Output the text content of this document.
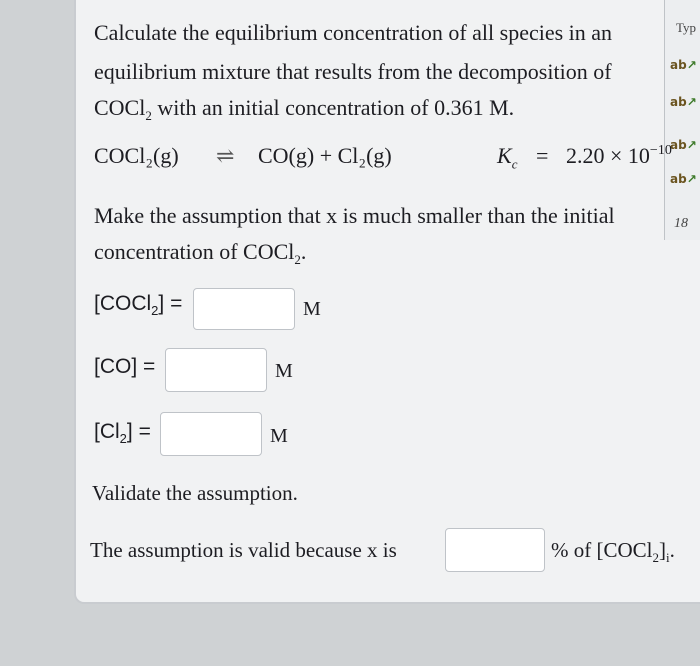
Typ
ab↗
ab↗
ab↗
ab↗
18
Calculate the equilibrium concentration of all species in an
equilibrium mixture that results from the decomposition of
COCl$_2$ with an initial concentration of 0.361 M.
COCl₂(g) ⇌ CO(g) + Cl₂(g)	$K_c = 2.20 \times 10^{-10}$
Make the assumption that x is much smaller than the initial
concentration of COCl$_2$.
[COCl$_2$] =	M
[CO] =	M
$[Cl_2]$ =	M
Validate the assumption.
The assumption is valid because x is	% of $[COCl_2]_i$.
